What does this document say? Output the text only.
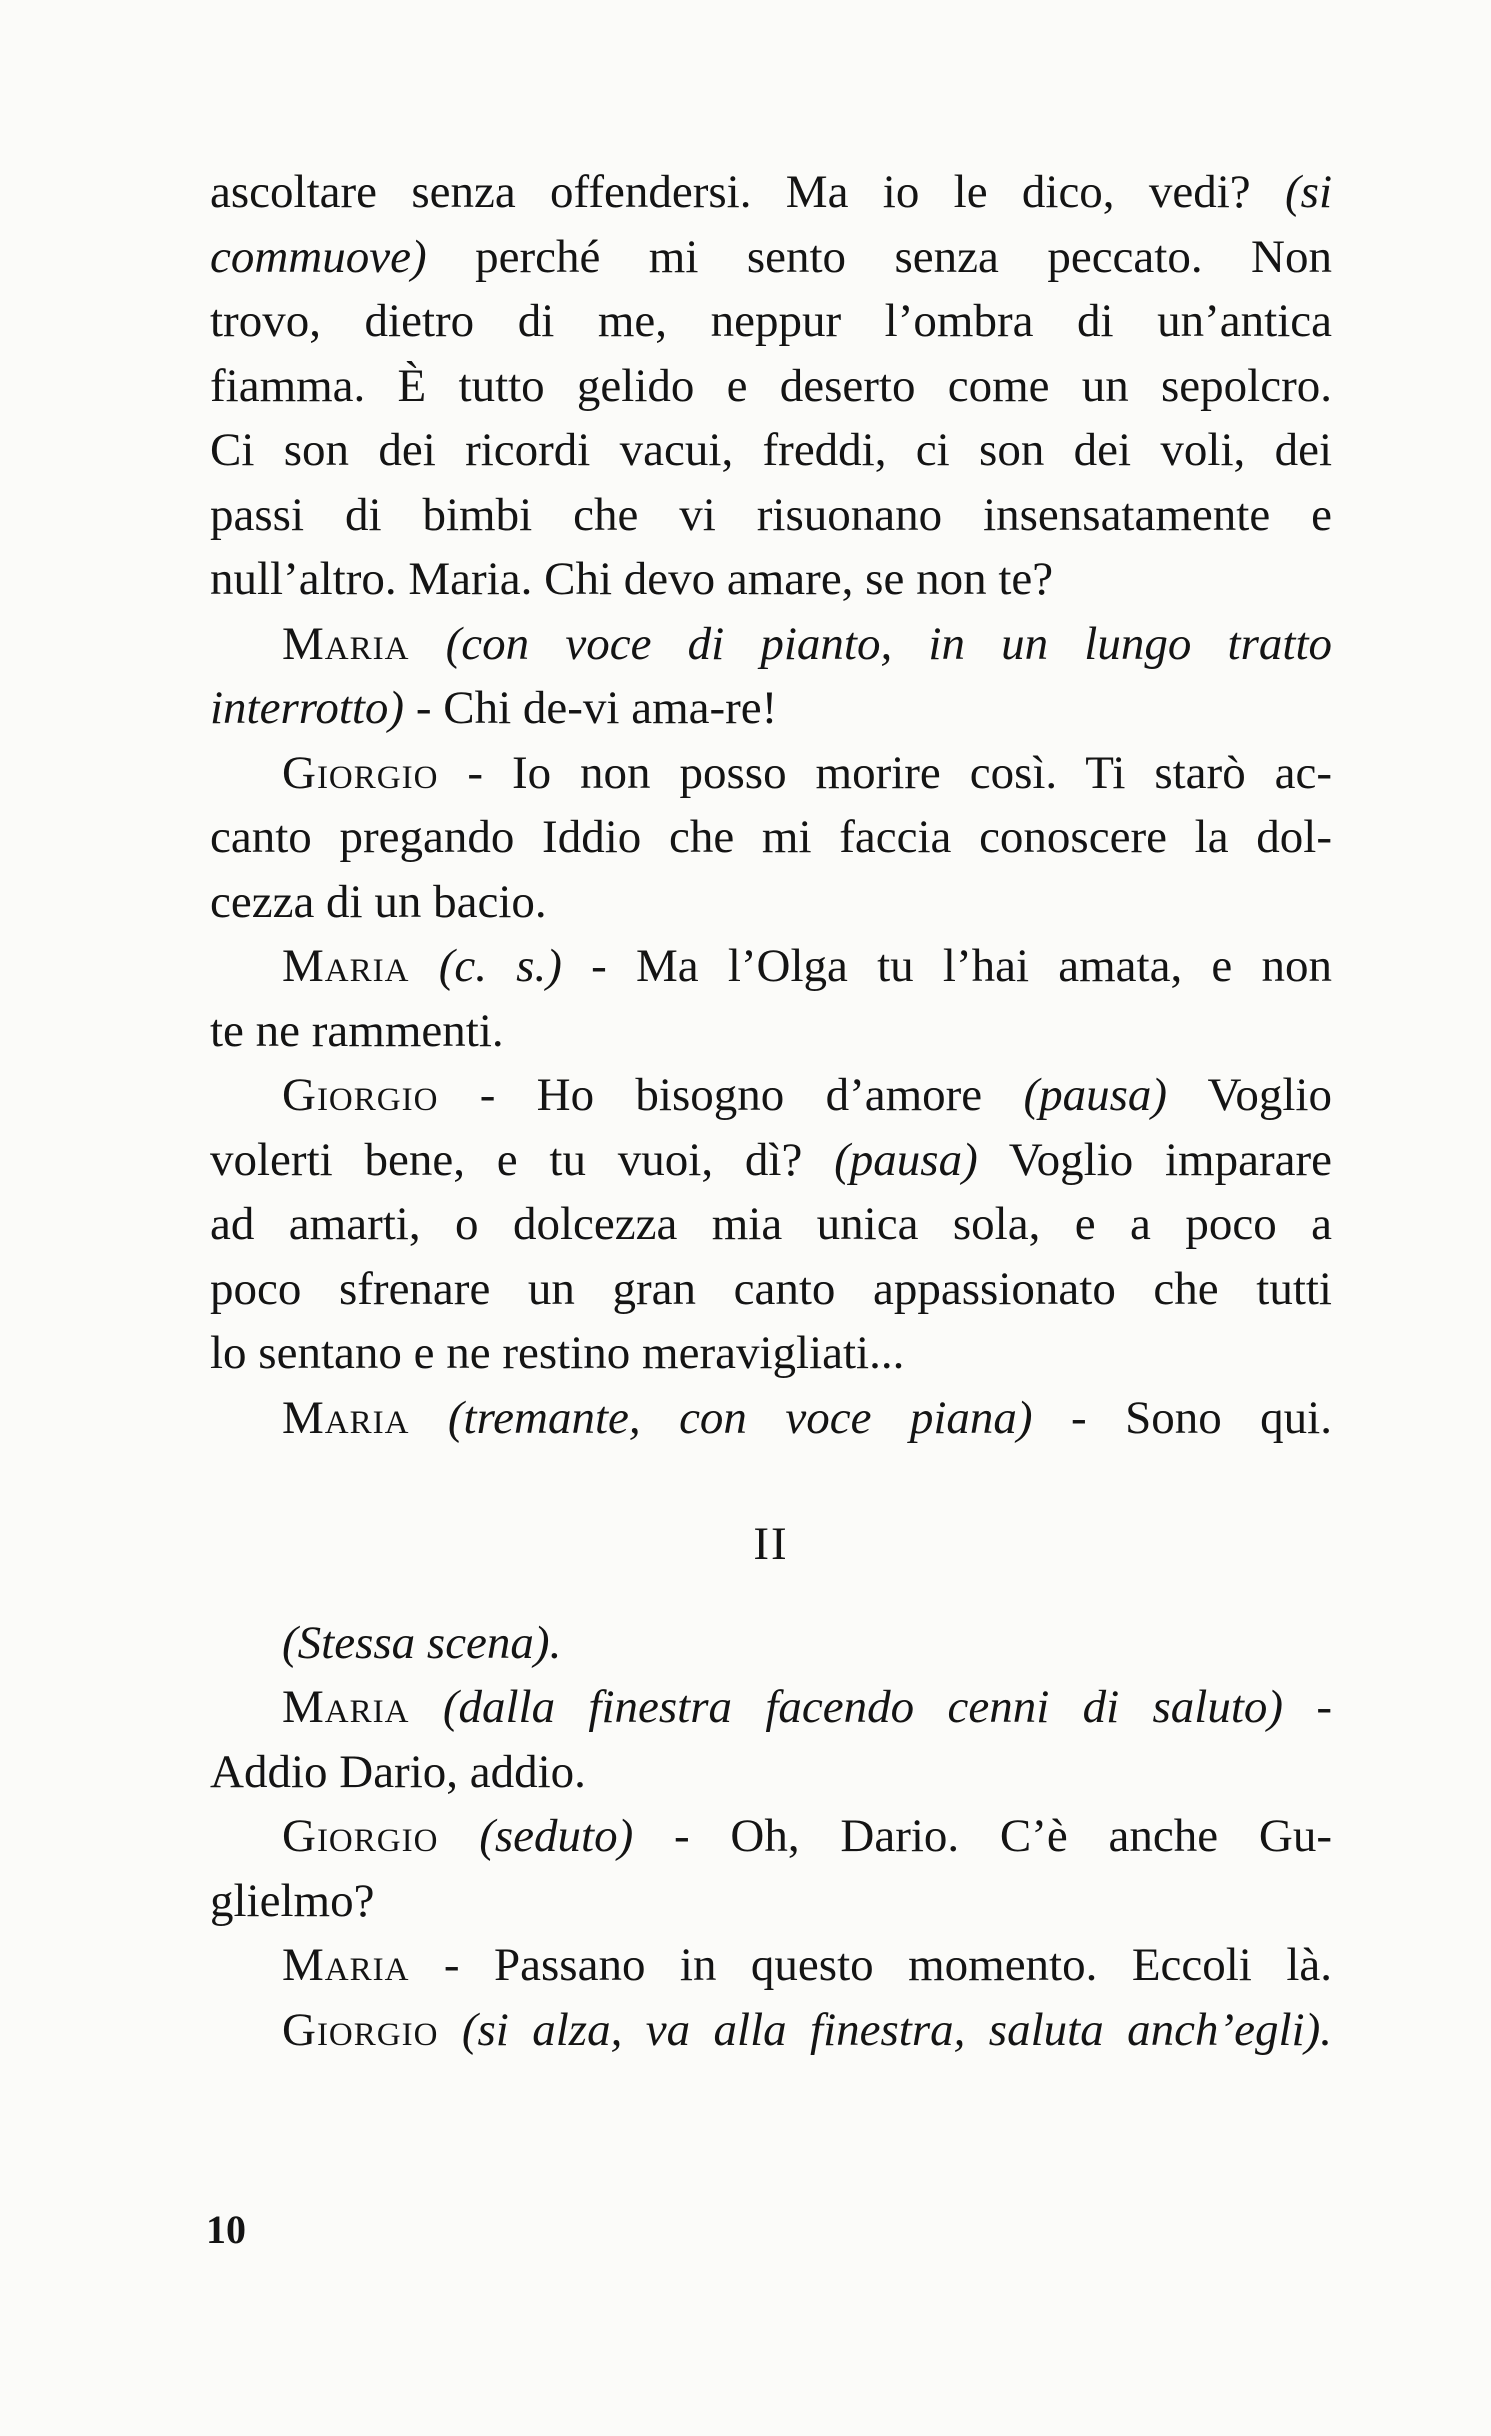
ascoltare senza offendersi. Ma io le dico, vedi? (si
commuove) perché mi sento senza peccato. Non
trovo, dietro di me, neppur l’ombra di un’antica
fiamma. È tutto gelido e deserto come un sepolcro.
Ci son dei ricordi vacui, freddi, ci son dei voli, dei
passi di bimbi che vi risuonano insensatamente e
null’altro. Maria. Chi devo amare, se non te?
Maria (con voce di pianto, in un lungo tratto
interrotto) - Chi de-vi ama-re!
Giorgio - Io non posso morire così. Ti starò ac-
canto pregando Iddio che mi faccia conoscere la dol-
cezza di un bacio.
Maria (c. s.) - Ma l’Olga tu l’hai amata, e non
te ne rammenti.
Giorgio - Ho bisogno d’amore (pausa) Voglio
volerti bene, e tu vuoi, dì? (pausa) Voglio imparare
ad amarti, o dolcezza mia unica sola, e a poco a
poco sfrenare un gran canto appassionato che tutti
lo sentano e ne restino meravigliati...
Maria (tremante, con voce piana) - Sono qui.
II
(Stessa scena).
Maria (dalla finestra facendo cenni di saluto) -
Addio Dario, addio.
Giorgio (seduto) - Oh, Dario. C’è anche Gu-
glielmo?
Maria - Passano in questo momento. Eccoli là.
Giorgio (si alza, va alla finestra, saluta anch’egli).
10
